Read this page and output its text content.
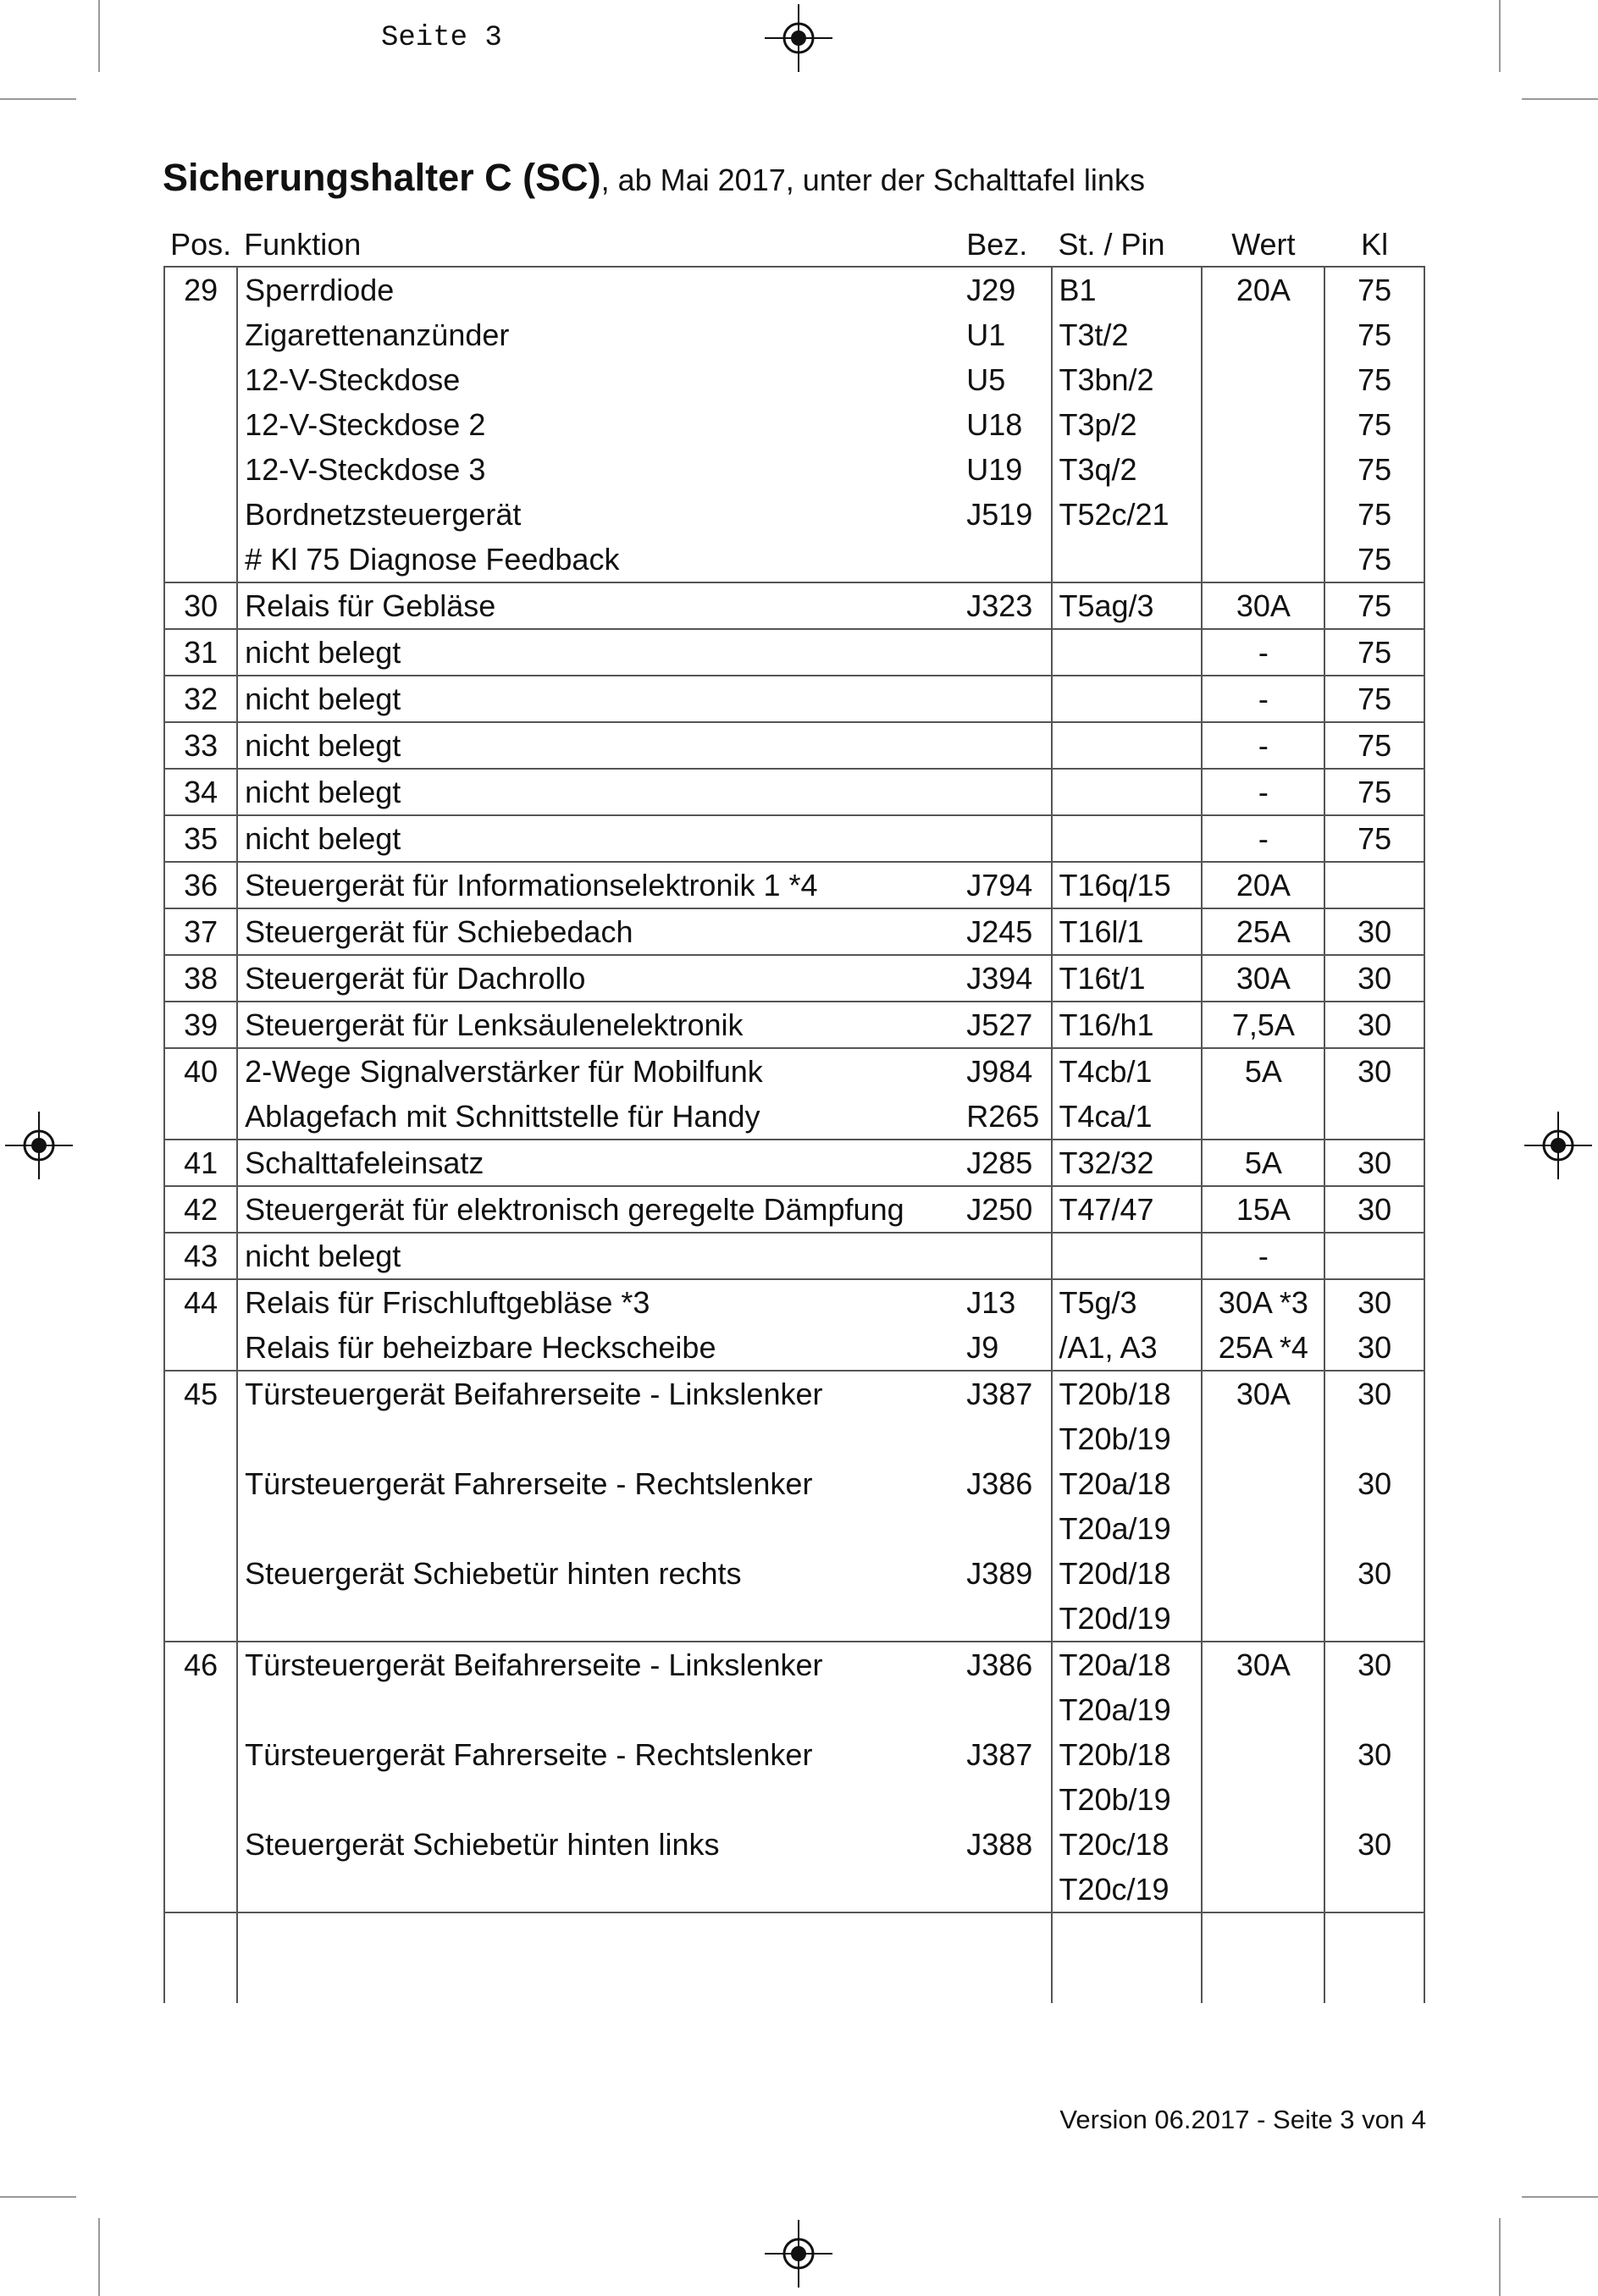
Seite 3
Sicherungshalter C (SC), ab Mai 2017, unter der Schalttafel links
Pos.	Funktion	Bez.	St. / Pin	Wert	Kl
29	Sperrdiode	J29	B1	20A	75
	Zigarettenanzünder	U1	T3t/2		75
	12-V-Steckdose	U5	T3bn/2		75
	12-V-Steckdose 2	U18	T3p/2		75
	12-V-Steckdose 3	U19	T3q/2		75
	Bordnetzsteuergerät	J519	T52c/21		75
	# Kl 75 Diagnose Feedback				75
30	Relais für Gebläse	J323	T5ag/3	30A	75
31	nicht belegt			-	75
32	nicht belegt			-	75
33	nicht belegt			-	75
34	nicht belegt			-	75
35	nicht belegt			-	75
36	Steuergerät für Informationselektronik 1 *4	J794	T16q/15	20A	
37	Steuergerät für Schiebedach	J245	T16l/1	25A	30
38	Steuergerät für Dachrollo	J394	T16t/1	30A	30
39	Steuergerät für Lenksäulenelektronik	J527	T16/h1	7,5A	30
40	2-Wege Signalverstärker für Mobilfunk	J984	T4cb/1	5A	30
	Ablagefach mit Schnittstelle für Handy	R265	T4ca/1		
41	Schalttafeleinsatz	J285	T32/32	5A	30
42	Steuergerät für elektronisch geregelte Dämpfung	J250	T47/47	15A	30
43	nicht belegt			-	
44	Relais für Frischluftgebläse *3	J13	T5g/3	30A *3	30
	Relais für beheizbare Heckscheibe	J9	/A1, A3	25A *4	30
45	Türsteuergerät Beifahrerseite - Linkslenker	J387	T20b/18	30A	30
			T20b/19		
	Türsteuergerät Fahrerseite - Rechtslenker	J386	T20a/18		30
			T20a/19		
	Steuergerät Schiebetür hinten rechts	J389	T20d/18		30
			T20d/19		
46	Türsteuergerät Beifahrerseite - Linkslenker	J386	T20a/18	30A	30
			T20a/19		
	Türsteuergerät Fahrerseite - Rechtslenker	J387	T20b/18		30
			T20b/19		
	Steuergerät Schiebetür hinten links	J388	T20c/18		30
			T20c/19		

Version 06.2017 - Seite 3 von 4
